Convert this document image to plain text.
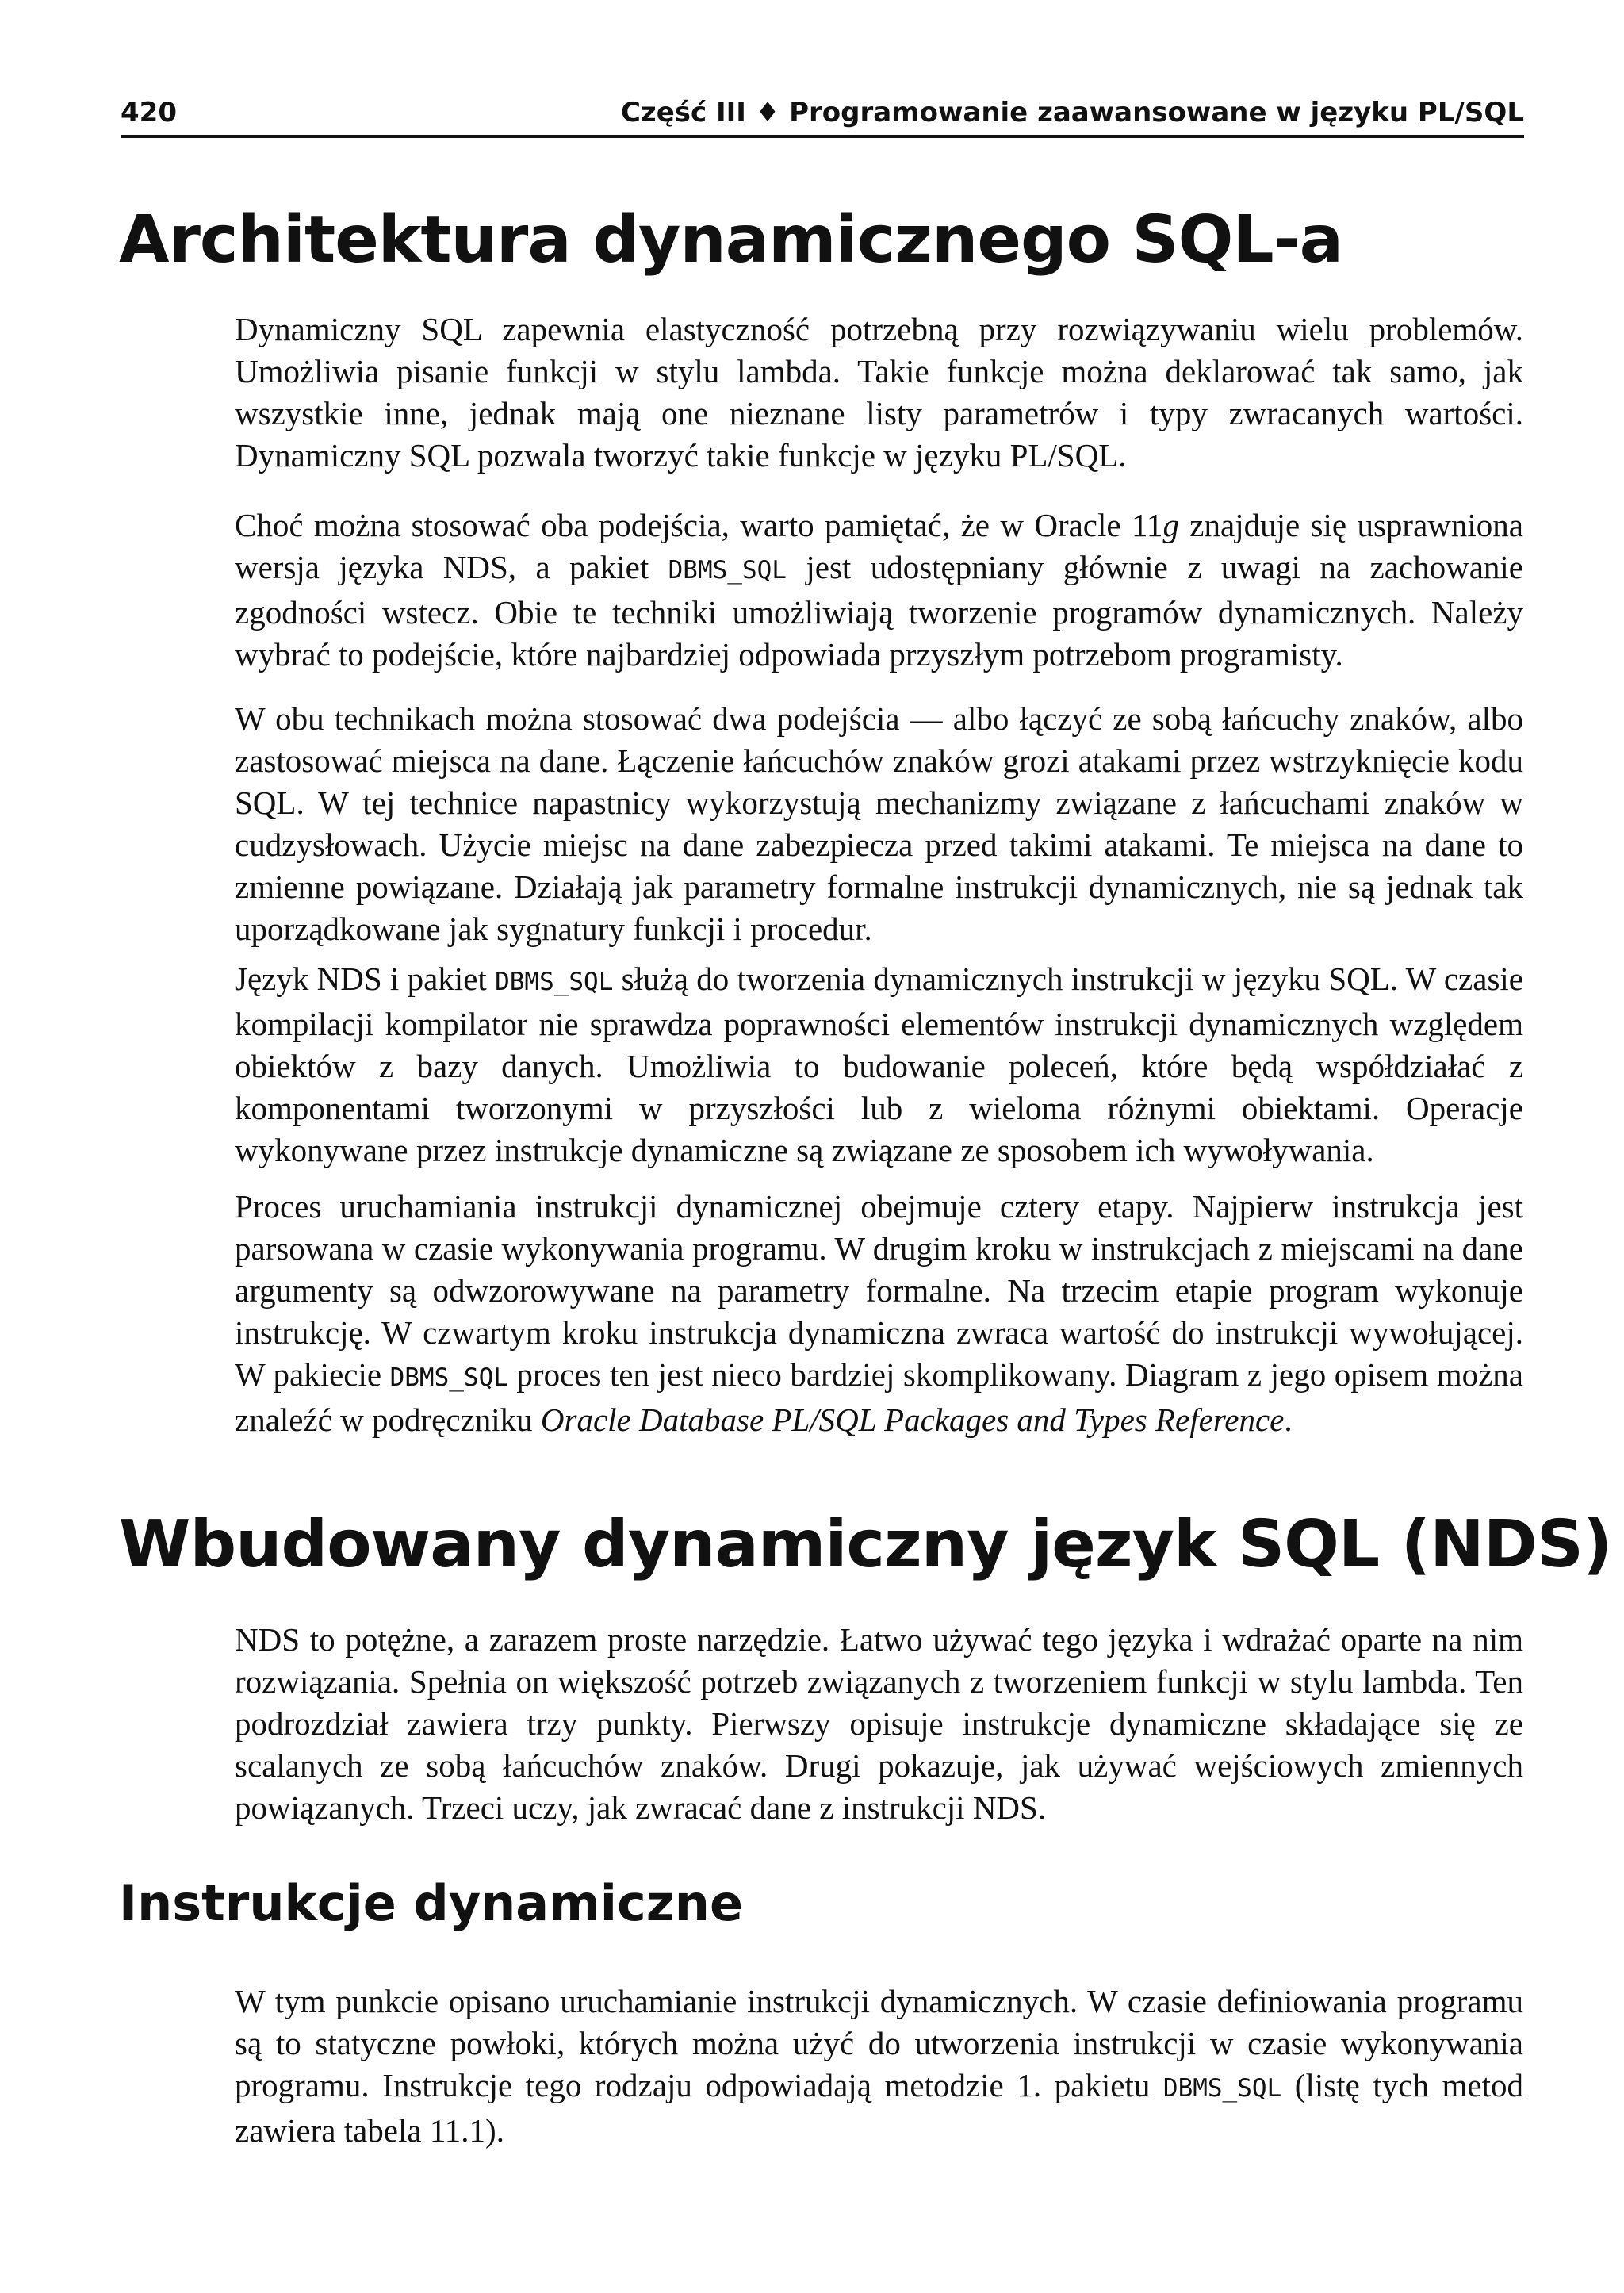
420	Część III ♦ Programowanie zaawansowane w języku PL/SQL
Architektura dynamicznego SQL-a
Dynamiczny SQL zapewnia elastyczność potrzebną przy rozwiązywaniu wielu problemów. Umożliwia pisanie funkcji w stylu lambda. Takie funkcje można deklarować tak samo, jak wszystkie inne, jednak mają one nieznane listy parametrów i typy zwracanych wartości. Dynamiczny SQL pozwala tworzyć takie funkcje w języku PL/SQL.
Choć można stosować oba podejścia, warto pamiętać, że w Oracle 11g znajduje się usprawniona wersja języka NDS, a pakiet DBMS_SQL jest udostępniany głównie z uwagi na zachowanie zgodności wstecz. Obie te techniki umożliwiają tworzenie programów dynamicznych. Należy wybrać to podejście, które najbardziej odpowiada przyszłym potrzebom programisty.
W obu technikach można stosować dwa podejścia — albo łączyć ze sobą łańcuchy znaków, albo zastosować miejsca na dane. Łączenie łańcuchów znaków grozi atakami przez wstrzyknięcie kodu SQL. W tej technice napastnicy wykorzystują mechanizmy związane z łańcuchami znaków w cudzysłowach. Użycie miejsc na dane zabezpiecza przed takimi atakami. Te miejsca na dane to zmienne powiązane. Działają jak parametry formalne instrukcji dynamicznych, nie są jednak tak uporządkowane jak sygnatury funkcji i procedur.
Język NDS i pakiet DBMS_SQL służą do tworzenia dynamicznych instrukcji w języku SQL. W czasie kompilacji kompilator nie sprawdza poprawności elementów instrukcji dynamicznych względem obiektów z bazy danych. Umożliwia to budowanie poleceń, które będą współdziałać z komponentami tworzonymi w przyszłości lub z wieloma różnymi obiektami. Operacje wykonywane przez instrukcje dynamiczne są związane ze sposobem ich wywoływania.
Proces uruchamiania instrukcji dynamicznej obejmuje cztery etapy. Najpierw instrukcja jest parsowana w czasie wykonywania programu. W drugim kroku w instrukcjach z miejscami na dane argumenty są odwzorowywane na parametry formalne. Na trzecim etapie program wykonuje instrukcję. W czwartym kroku instrukcja dynamiczna zwraca wartość do instrukcji wywołującej. W pakiecie DBMS_SQL proces ten jest nieco bardziej skomplikowany. Diagram z jego opisem można znaleźć w podręczniku Oracle Database PL/SQL Packages and Types Reference.
Wbudowany dynamiczny język SQL (NDS)
NDS to potężne, a zarazem proste narzędzie. Łatwo używać tego języka i wdrażać oparte na nim rozwiązania. Spełnia on większość potrzeb związanych z tworzeniem funkcji w stylu lambda. Ten podrozdział zawiera trzy punkty. Pierwszy opisuje instrukcje dynamiczne składające się ze scalanych ze sobą łańcuchów znaków. Drugi pokazuje, jak używać wejściowych zmiennych powiązanych. Trzeci uczy, jak zwracać dane z instrukcji NDS.
Instrukcje dynamiczne
W tym punkcie opisano uruchamianie instrukcji dynamicznych. W czasie definiowania programu są to statyczne powłoki, których można użyć do utworzenia instrukcji w czasie wykonywania programu. Instrukcje tego rodzaju odpowiadają metodzie 1. pakietu DBMS_SQL (listę tych metod zawiera tabela 11.1).
